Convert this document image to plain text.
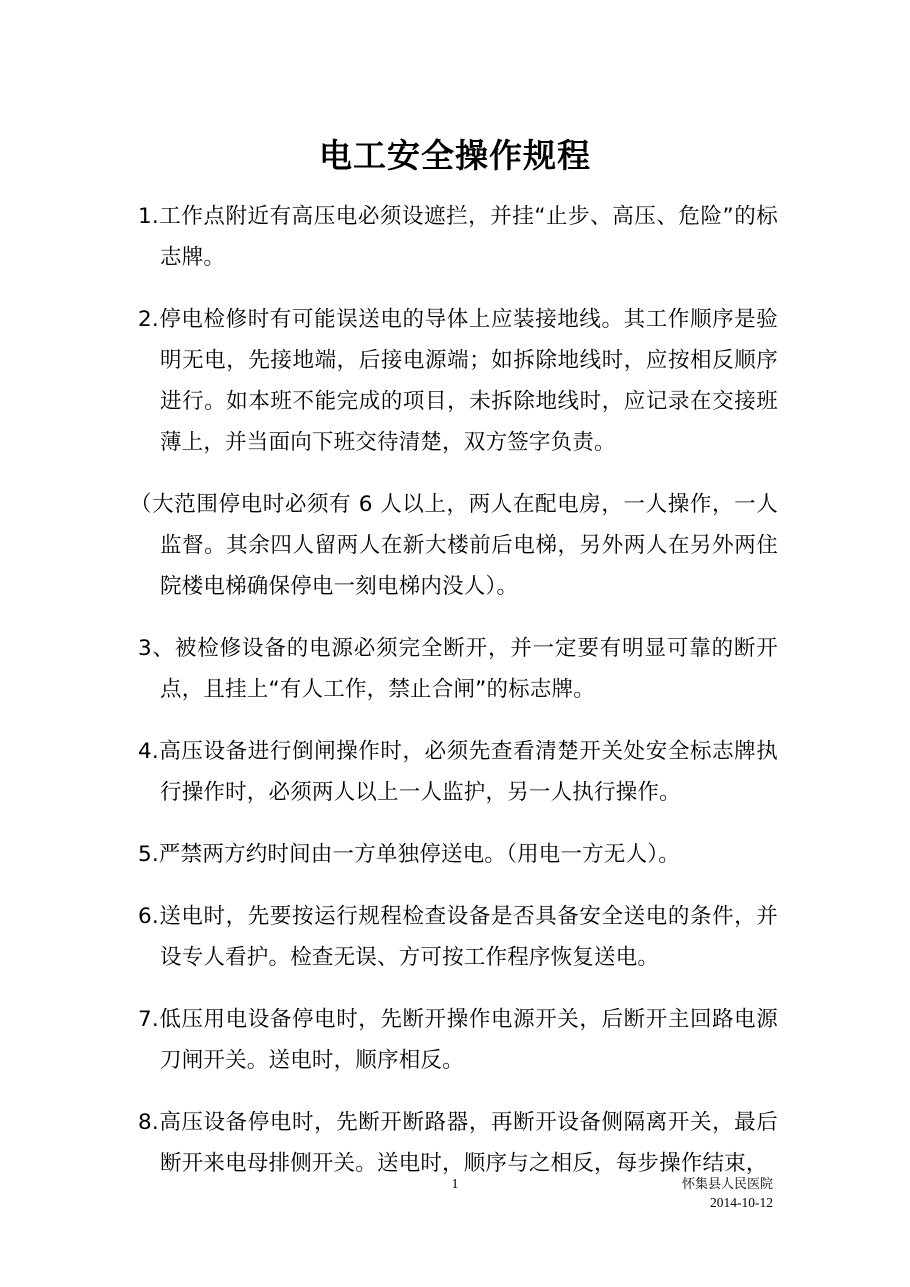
电工安全操作规程

1.工作点附近有高压电必须设遮拦，并挂“止步、高压、危险”的标志牌。

2.停电检修时有可能误送电的导体上应装接地线。其工作顺序是验明无电，先接地端，后接电源端；如拆除地线时，应按相反顺序进行。如本班不能完成的项目，未拆除地线时，应记录在交接班薄上，并当面向下班交待清楚，双方签字负责。

（大范围停电时必须有 6 人以上，两人在配电房，一人操作，一人监督。其余四人留两人在新大楼前后电梯，另外两人在另外两住院楼电梯确保停电一刻电梯内没人）。

3、被检修设备的电源必须完全断开，并一定要有明显可靠的断开点，且挂上“有人工作，禁止合闸”的标志牌。

4.高压设备进行倒闸操作时，必须先查看清楚开关处安全标志牌执行操作时，必须两人以上一人监护，另一人执行操作。

5.严禁两方约时间由一方单独停送电。（用电一方无人）。

6.送电时，先要按运行规程检查设备是否具备安全送电的条件，并设专人看护。检查无误、方可按工作程序恢复送电。

7.低压用电设备停电时，先断开操作电源开关，后断开主回路电源刀闸开关。送电时，顺序相反。

8.高压设备停电时，先断开断路器，再断开设备侧隔离开关，最后断开来电母排侧开关。送电时，顺序与之相反，每步操作结束，

1	怀集县人民医院
2014-10-12
